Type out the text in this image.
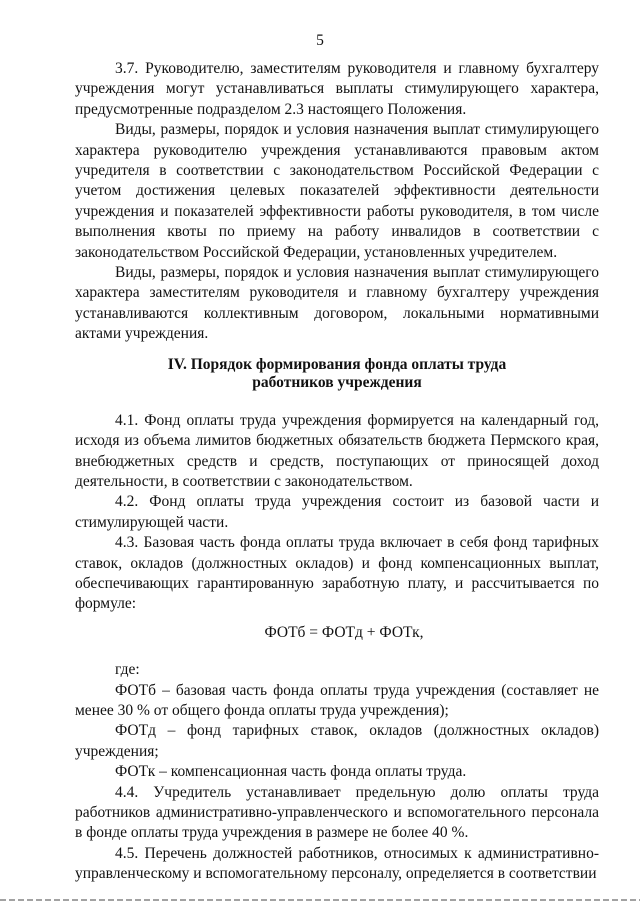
5

3.7. Руководителю, заместителям руководителя и главному бухгалтеру учреждения могут устанавливаться выплаты стимулирующего характера, предусмотренные подразделом 2.3 настоящего Положения.

Виды, размеры, порядок и условия назначения выплат стимулирующего характера руководителю учреждения устанавливаются правовым актом учредителя в соответствии с законодательством Российской Федерации с учетом достижения целевых показателей эффективности деятельности учреждения и показателей эффективности работы руководителя, в том числе выполнения квоты по приему на работу инвалидов в соответствии с законодательством Российской Федерации, установленных учредителем.

Виды, размеры, порядок и условия назначения выплат стимулирующего характера заместителям руководителя и главному бухгалтеру учреждения устанавливаются коллективным договором, локальными нормативными актами учреждения.

IV. Порядок формирования фонда оплаты труда
работников учреждения

4.1. Фонд оплаты труда учреждения формируется на календарный год, исходя из объема лимитов бюджетных обязательств бюджета Пермского края, внебюджетных средств и средств, поступающих от приносящей доход деятельности, в соответствии с законодательством.

4.2. Фонд оплаты труда учреждения состоит из базовой части и стимулирующей части.

4.3. Базовая часть фонда оплаты труда включает в себя фонд тарифных ставок, окладов (должностных окладов) и фонд компенсационных выплат, обеспечивающих гарантированную заработную плату, и рассчитывается по формуле:

ФОТб = ФОТд + ФОТк,

где:

ФОТб – базовая часть фонда оплаты труда учреждения (составляет не менее 30 % от общего фонда оплаты труда учреждения);

ФОТд – фонд тарифных ставок, окладов (должностных окладов) учреждения;

ФОТк – компенсационная часть фонда оплаты труда.

4.4. Учредитель устанавливает предельную долю оплаты труда работников административно-управленческого и вспомогательного персонала в фонде оплаты труда учреждения в размере не более 40 %.

4.5. Перечень должностей работников, относимых к административно-управленческому и вспомогательному персоналу, определяется в соответствии
